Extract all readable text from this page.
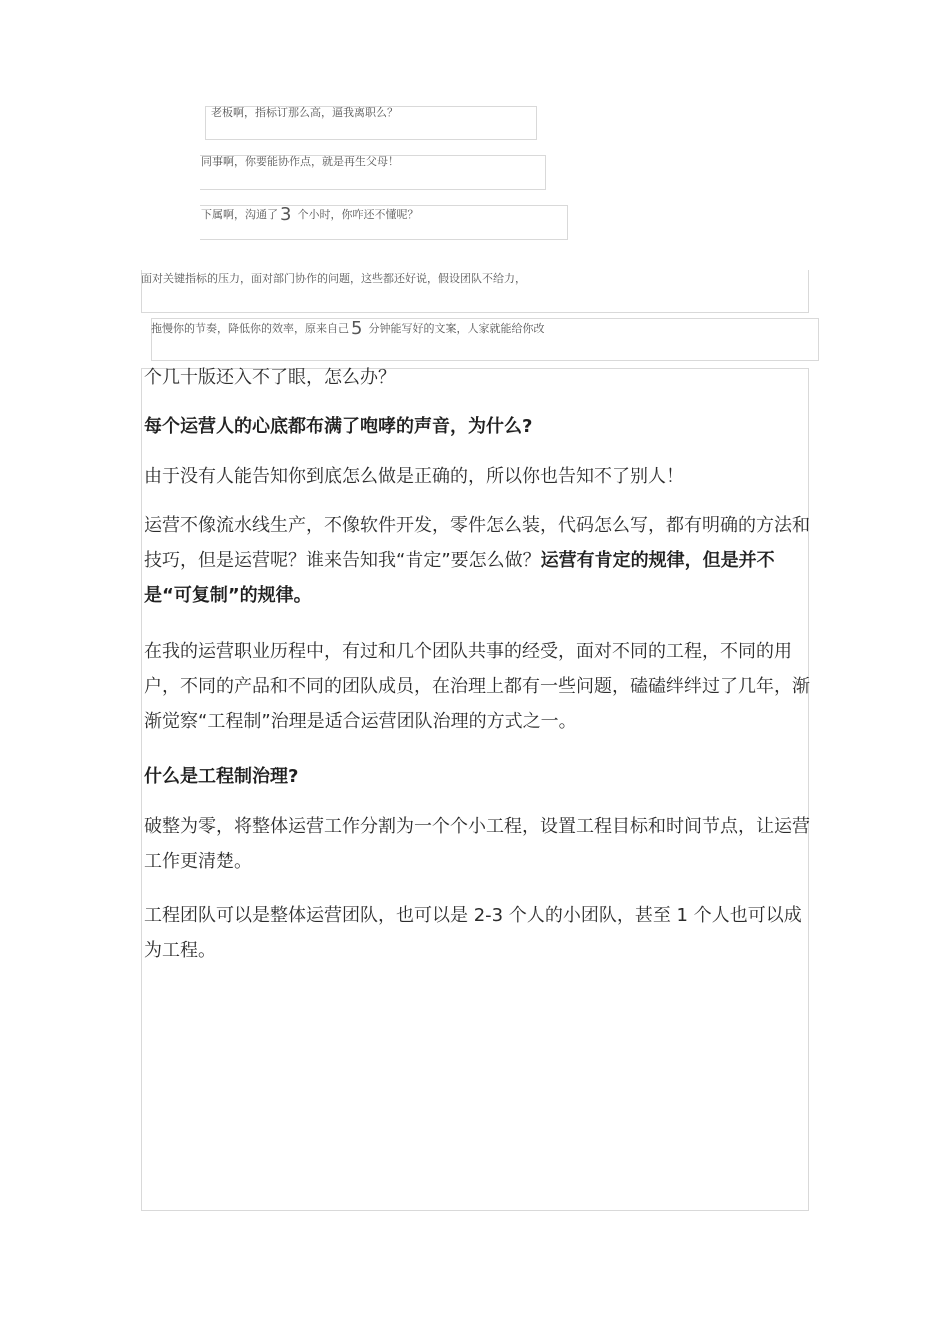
老板啊，指标订那么高，逼我离职么？
同事啊，你要能协作点，就是再生父母！
下属啊，沟通了 3 个小时，你咋还不懂呢？
面对关键指标的压力，面对部门协作的问题，这些都还好说，假设团队不给力，
拖慢你的节奏，降低你的效率，原来自己 5 分钟能写好的文案，人家就能给你改
个几十版还入不了眼，怎么办？
每个运营人的心底都布满了咆哮的声音，为什么?
由于没有人能告知你到底怎么做是正确的，所以你也告知不了别人！
运营不像流水线生产，不像软件开发，零件怎么装，代码怎么写，都有明确的方法和技巧，但是运营呢？谁来告知我“肯定”要怎么做？运营有肯定的规律，但是并不是“可复制”的规律。
在我的运营职业历程中，有过和几个团队共事的经受，面对不同的工程，不同的用户，不同的产品和不同的团队成员，在治理上都有一些问题，磕磕绊绊过了几年，渐渐觉察“工程制”治理是适合运营团队治理的方式之一。
什么是工程制治理?
破整为零，将整体运营工作分割为一个个小工程，设置工程目标和时间节点，让运营工作更清楚。
工程团队可以是整体运营团队，也可以是 2-3 个人的小团队，甚至 1 个人也可以成为工程。
